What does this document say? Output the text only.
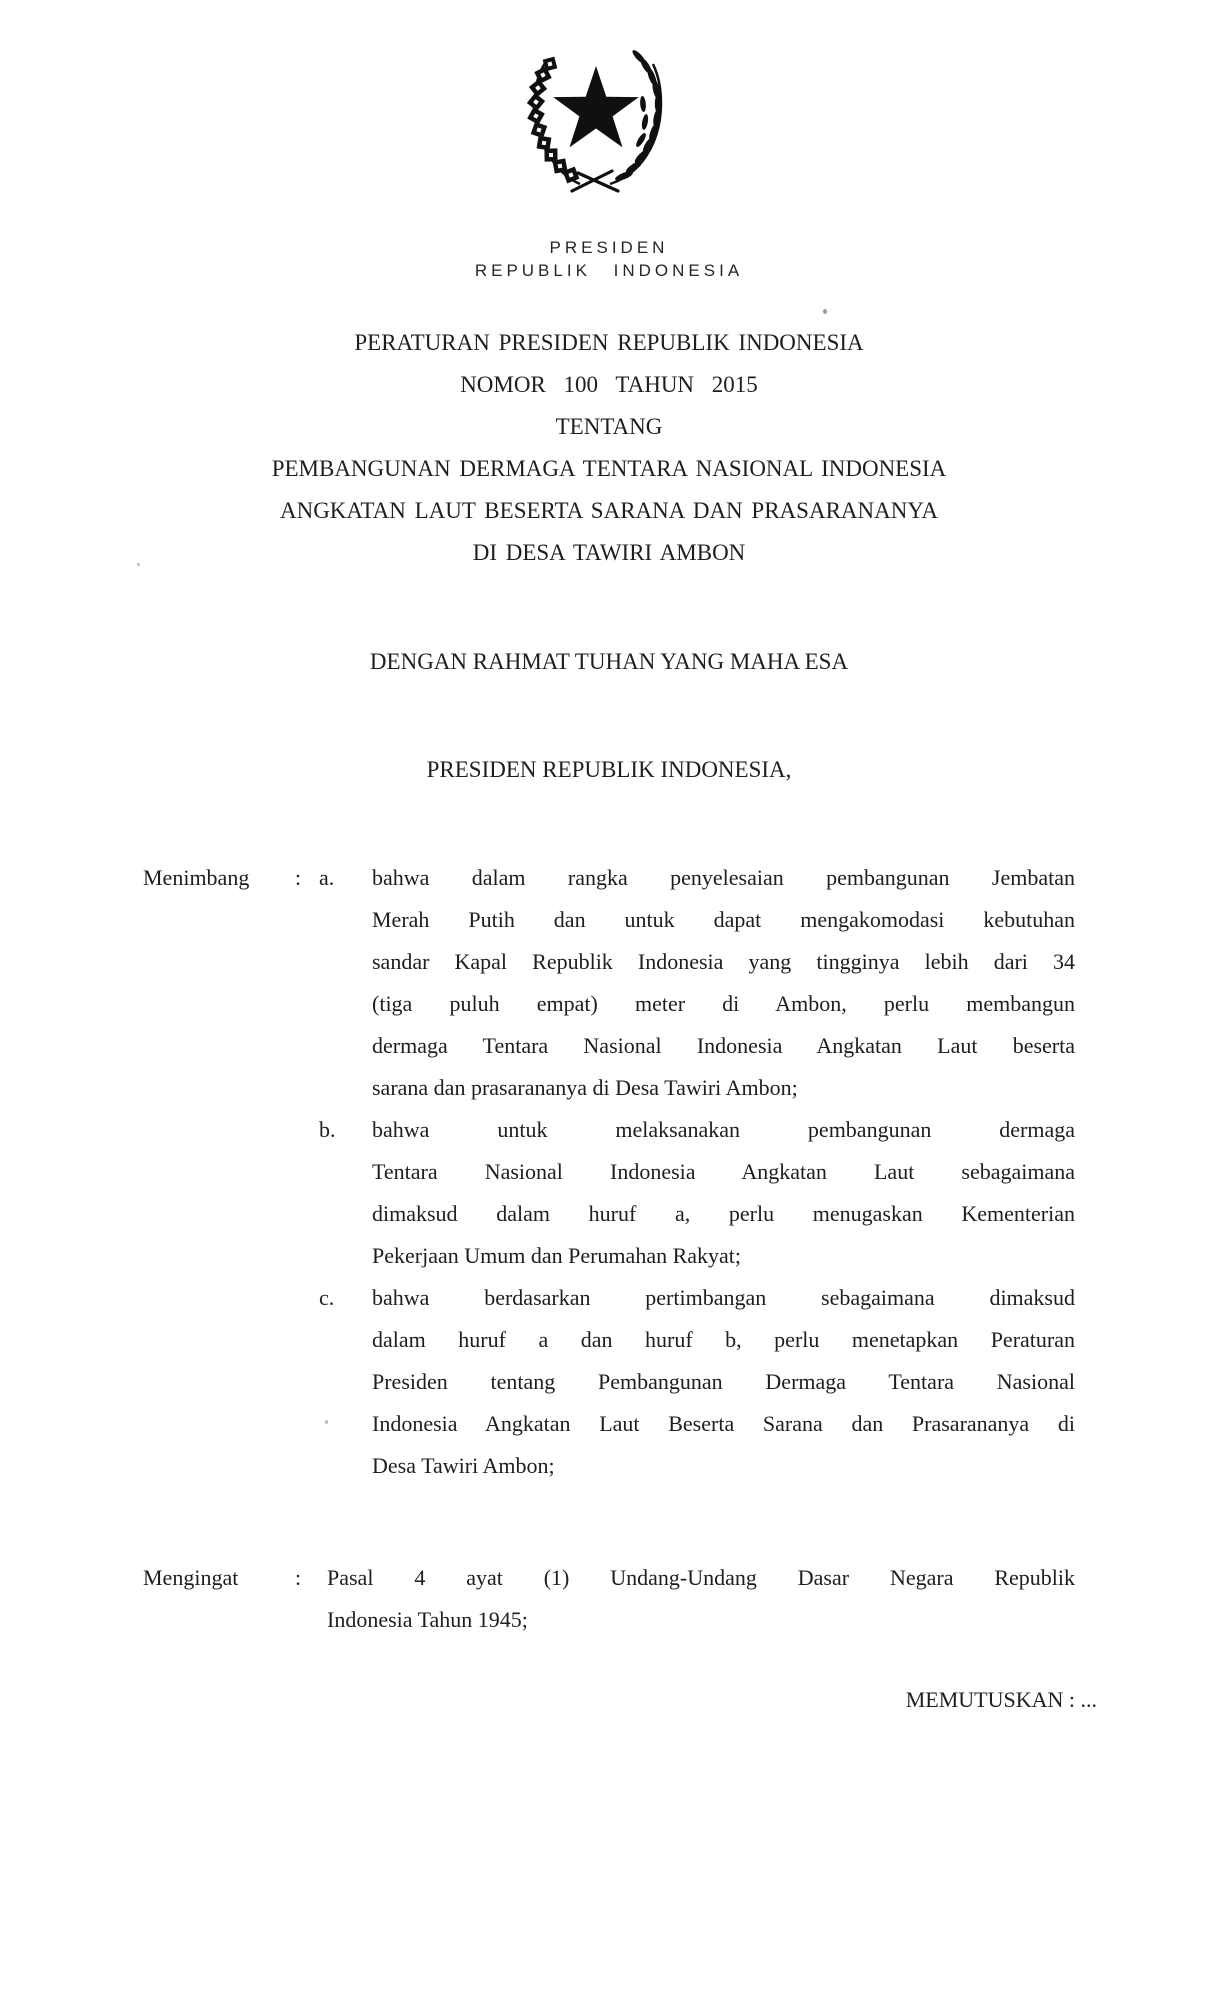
PRESIDEN
REPUBLIK INDONESIA
PERATURAN PRESIDEN REPUBLIK INDONESIA
NOMOR 100 TAHUN 2015
TENTANG
PEMBANGUNAN DERMAGA TENTARA NASIONAL INDONESIA
ANGKATAN LAUT BESERTA SARANA DAN PRASARANANYA
DI DESA TAWIRI AMBON
DENGAN RAHMAT TUHAN YANG MAHA ESA
PRESIDEN REPUBLIK INDONESIA,
Menimbang	: a.	bahwa dalam rangka penyelesaian pembangunan Jembatan
Merah Putih dan untuk dapat mengakomodasi kebutuhan
sandar Kapal Republik Indonesia yang tingginya lebih dari 34
(tiga puluh empat) meter di Ambon, perlu membangun
dermaga Tentara Nasional Indonesia Angkatan Laut beserta
sarana dan prasarananya di Desa Tawiri Ambon;
b.	bahwa untuk melaksanakan pembangunan dermaga
Tentara Nasional Indonesia Angkatan Laut sebagaimana
dimaksud dalam huruf a, perlu menugaskan Kementerian
Pekerjaan Umum dan Perumahan Rakyat;
c.	bahwa berdasarkan pertimbangan sebagaimana dimaksud
dalam huruf a dan huruf b, perlu menetapkan Peraturan
Presiden tentang Pembangunan Dermaga Tentara Nasional
Indonesia Angkatan Laut Beserta Sarana dan Prasarananya di
Desa Tawiri Ambon;
Mengingat	:	Pasal 4 ayat (1) Undang-Undang Dasar Negara Republik
Indonesia Tahun 1945;
MEMUTUSKAN : ...
